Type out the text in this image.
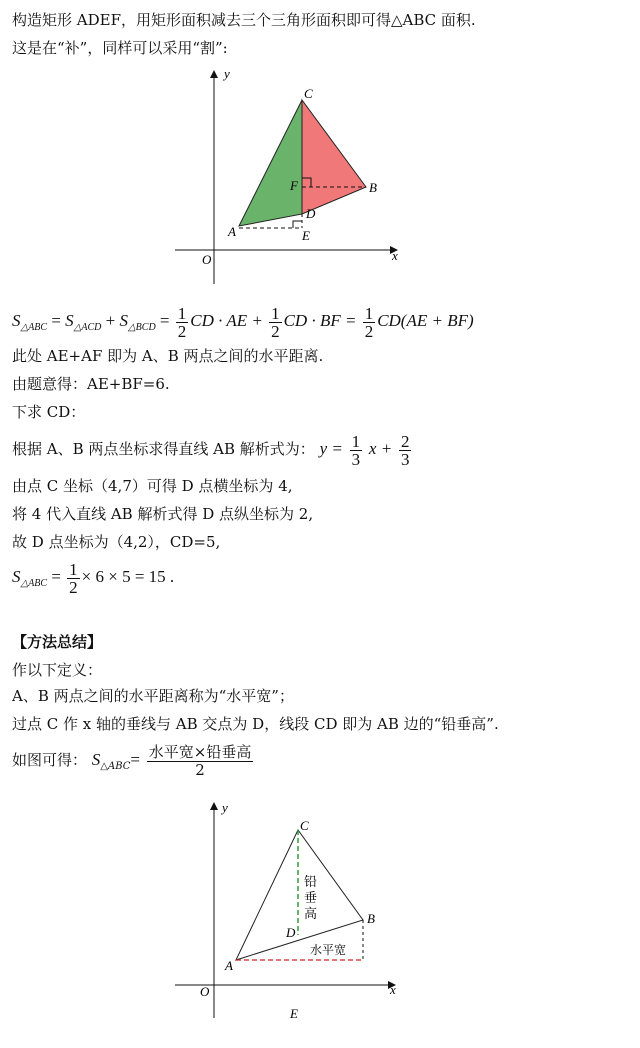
构造矩形 ADEF，用矩形面积减去三个三角形面积即可得△ABC 面积.
这是在“补”，同样可以采用“割”:
y
x
O
A
B
C
D
E
F
$S_{\triangle ABC} = S_{\triangle ACD} + S_{\triangle BCD} = \frac{1}{2}$ CD · AE + $\frac{1}{2}$ CD · BF = $\frac{1}{2} CD(AE + BF)$
此处 AE+AF 即为 A、B 两点之间的水平距离.
由题意得：AE+BF=6.
下求 CD：
根据 A、B 两点坐标求得直线 AB 解析式为： $y = \frac{1}{3}$ $x + \frac{2}{3}$
由点 C 坐标（4,7）可得 D 点横坐标为 4,
将 4 代入直线 AB 解析式得 D 点纵坐标为 2,
故 D 点坐标为（4,2），CD=5,
$S_{\triangle ABC} = \frac{1}{2} \times 6 \times 5 = 15$ .
【方法总结】
作以下定义：
A、B 两点之间的水平距离称为“水平宽”；
过点 C 作 x 轴的垂线与 AB 交点为 D，线段 CD 即为 AB 边的“铅垂高”.
如图可得： $S_{\triangle ABC}= \frac{\text{水平宽×铅垂高}}{2}$
y
x
O
A
B
C
D
E
铅
垂
高
水平宽
